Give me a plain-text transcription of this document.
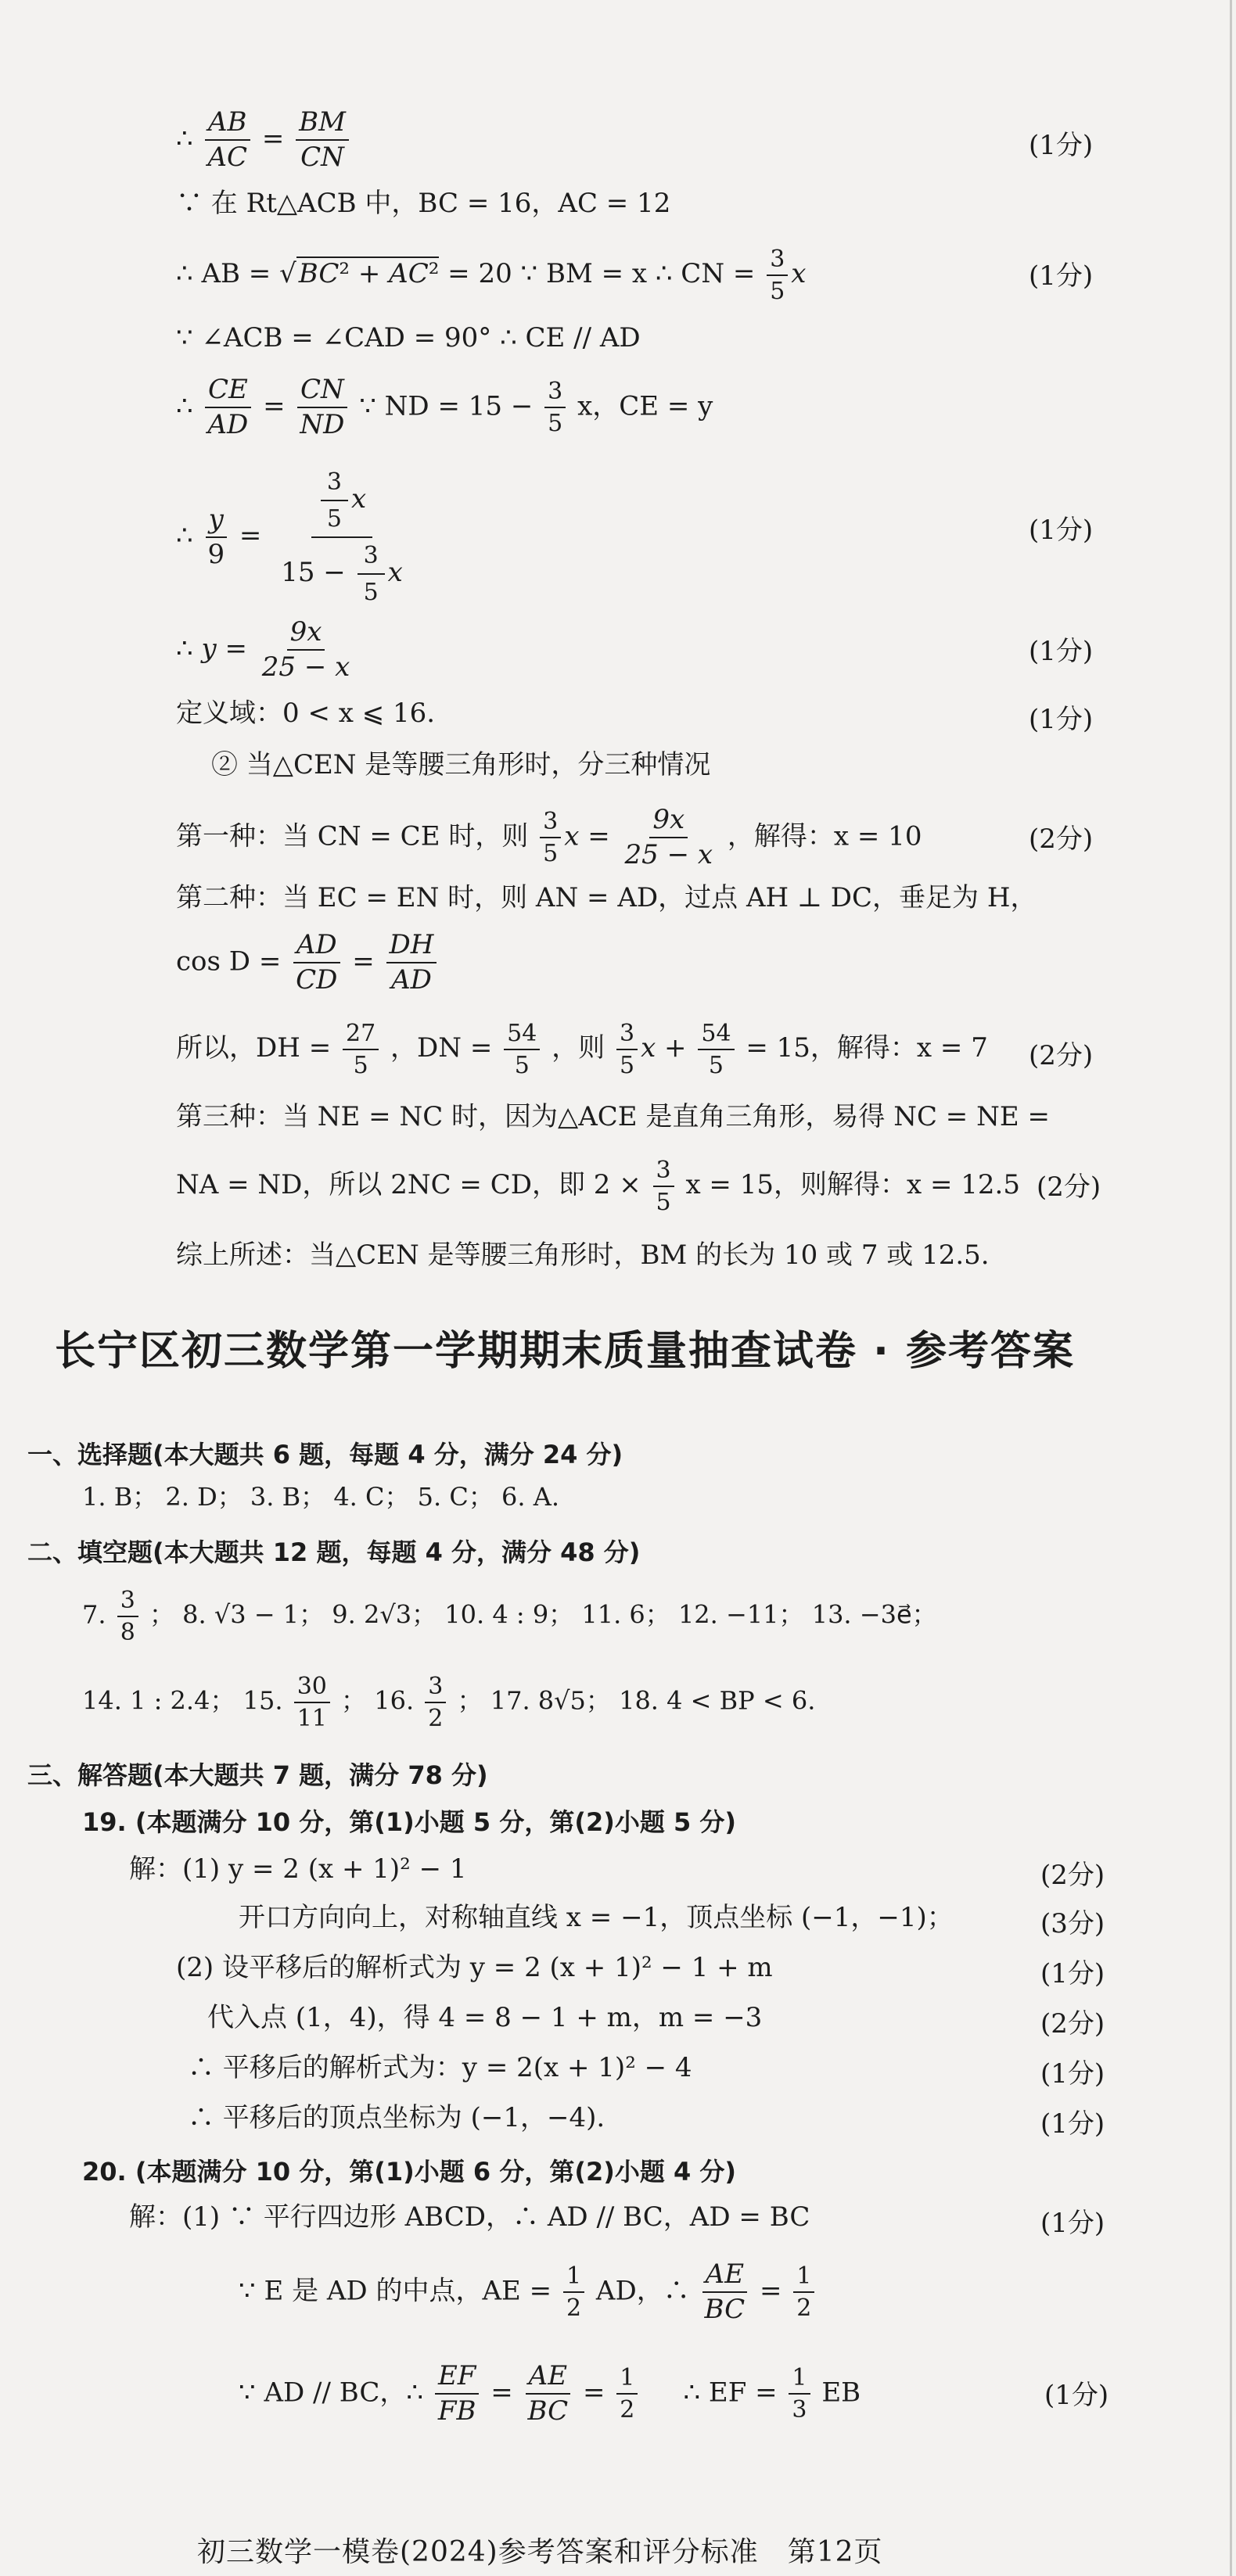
∴ $\frac{AB}{AC} = \frac{BM}{CN}$	(1分)
∵ 在 Rt△ACB 中，BC = 16，AC = 12
∴ AB = √BC² + AC² = 20 ∵ BM = x ∴ CN = $\frac{3}{5}$ x	(1分)
∵ ∠ACB = ∠CAD = 90° ∴ CE // AD
∴ $\frac{CE}{AD} = \frac{CN}{ND}$ ∵ ND = $15 - \frac{3}{5}$ x，CE = y
∴ $\frac{y}{9} = \frac{\frac{3}{5} x}{15 - \frac{3}{5} x}$	(1分)
∴ $y = \frac{9x}{25 - x}$	(1分)
定义域：0 < x ⩽ 16.	(1分)
② 当△CEN 是等腰三角形时，分三种情况
第一种：当 CN = CE 时，则 $\frac{3}{5}$ $x = \frac{9x}{25 - x}$ ，解得：x = 10	(2分)
第二种：当 EC = EN 时，则 AN = AD，过点 AH ⊥ DC，垂足为 H，
$\cos D = \frac{AD}{CD} = \frac{DH}{AD}$
所以，DH = $\frac{27}{5}$ ，DN = $\frac{54}{5}$ ，则 $\frac{3}{5}$ $x + \frac{54}{5} = 15$，解得：x = 7 (2分)
第三种：当 NE = NC 时，因为△ACE 是直角三角形，易得 NC = NE =
NA = ND，所以 2NC = CD，即 $2 \times \frac{3}{5}$ x = 15，则解得：x = 12.5 (2分)
综上所述：当△CEN 是等腰三角形时，BM 的长为 10 或 7 或 12.5.
长宁区初三数学第一学期期末质量抽查试卷 · 参考答案
一、选择题(本大题共 6 题，每题 4 分，满分 24 分)
1. B； 2. D； 3. B； 4. C； 5. C； 6. A.
二、填空题(本大题共 12 题，每题 4 分，满分 48 分)
7. $\frac{3}{8}$ ； 8. √3 − 1； 9. 2√3； 10. 4 : 9； 11. 6； 12. −11； 13. −3e⃗；
14. 1 : 2.4； 15. $\frac{30}{11}$ ； 16. $\frac{3}{2}$ ； 17. 8√5； 18. 4 < BP < 6.
三、解答题(本大题共 7 题，满分 78 分)
19. (本题满分 10 分，第(1)小题 5 分，第(2)小题 5 分)
解：(1) y = 2 (x + 1)² − 1	(2分)
开口方向向上，对称轴直线 x = −1，顶点坐标 (−1，−1)；	(3分)
(2) 设平移后的解析式为 y = 2 (x + 1)² − 1 + m	(1分)
代入点 (1，4)，得 4 = 8 − 1 + m，m = −3	(2分)
∴ 平移后的解析式为：y = 2(x + 1)² − 4	(1分)
∴ 平移后的顶点坐标为 (−1，−4).	(1分)
20. (本题满分 10 分，第(1)小题 6 分，第(2)小题 4 分)
解：(1) ∵ 平行四边形 ABCD，∴ AD // BC，AD = BC	(1分)
∵ E 是 AD 的中点，AE = $\frac{1}{2}$ AD，∴ $\frac{AE}{BC} = \frac{1}{2}$
∵ AD // BC，∴ $\frac{EF}{FB} = \frac{AE}{BC} = \frac{1}{2}$ ∴ EF = $\frac{1}{3}$ EB	(1分)
初三数学一模卷(2024)参考答案和评分标准　第12页
